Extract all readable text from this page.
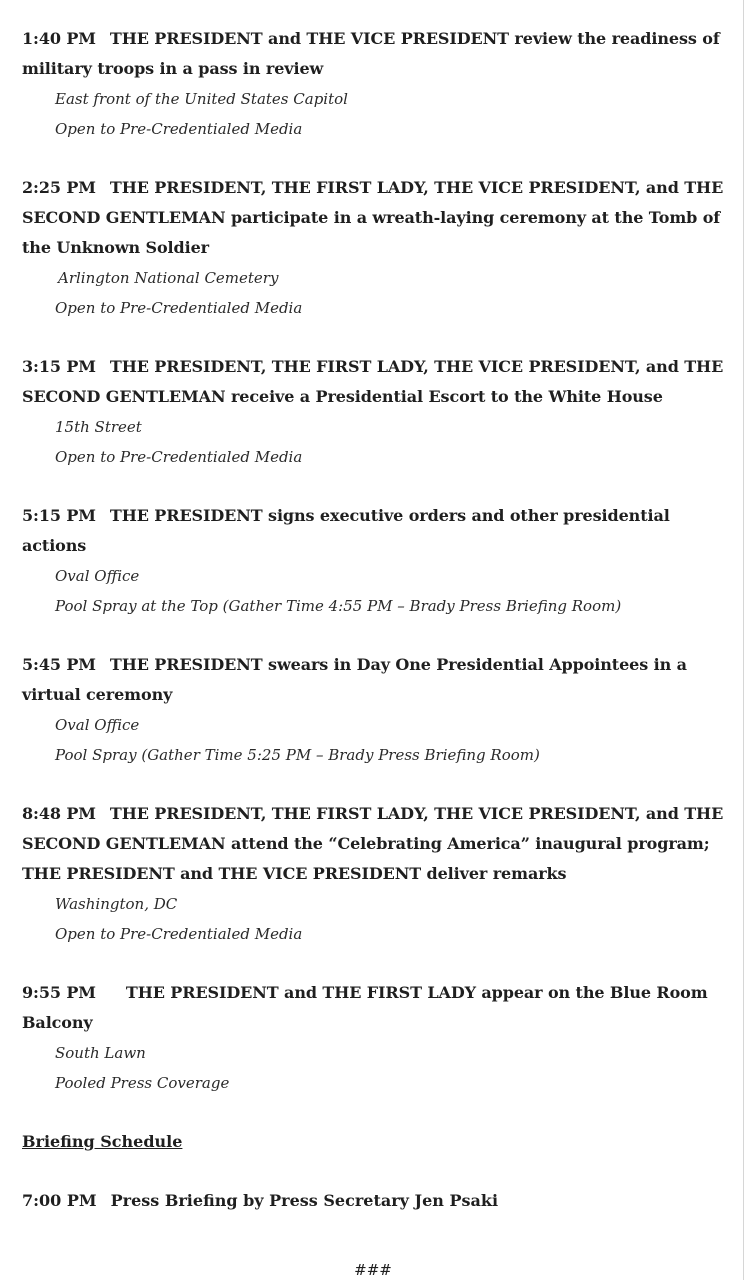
1:40 PM THE PRESIDENT and THE VICE PRESIDENT review the readiness of military troops in a pass in review

East front of the United States Capitol

Open to Pre-Credentialed Media

2:25 PM THE PRESIDENT, THE FIRST LADY, THE VICE PRESIDENT, and THE SECOND GENTLEMAN participate in a wreath-laying ceremony at the Tomb of the Unknown Soldier

Arlington National Cemetery

Open to Pre-Credentialed Media

3:15 PM THE PRESIDENT, THE FIRST LADY, THE VICE PRESIDENT, and THE SECOND GENTLEMAN receive a Presidential Escort to the White House

15th Street

Open to Pre-Credentialed Media

5:15 PM THE PRESIDENT signs executive orders and other presidential actions

Oval Office

Pool Spray at the Top (Gather Time 4:55 PM – Brady Press Briefing Room)

5:45 PM THE PRESIDENT swears in Day One Presidential Appointees in a virtual ceremony

Oval Office

Pool Spray (Gather Time 5:25 PM – Brady Press Briefing Room)

8:48 PM THE PRESIDENT, THE FIRST LADY, THE VICE PRESIDENT, and THE SECOND GENTLEMAN attend the “Celebrating America” inaugural program; THE PRESIDENT and THE VICE PRESIDENT deliver remarks

Washington, DC

Open to Pre-Credentialed Media

9:55 PM THE PRESIDENT and THE FIRST LADY appear on the Blue Room Balcony

South Lawn

Pooled Press Coverage

Briefing Schedule

7:00 PM Press Briefing by Press Secretary Jen Psaki

###
